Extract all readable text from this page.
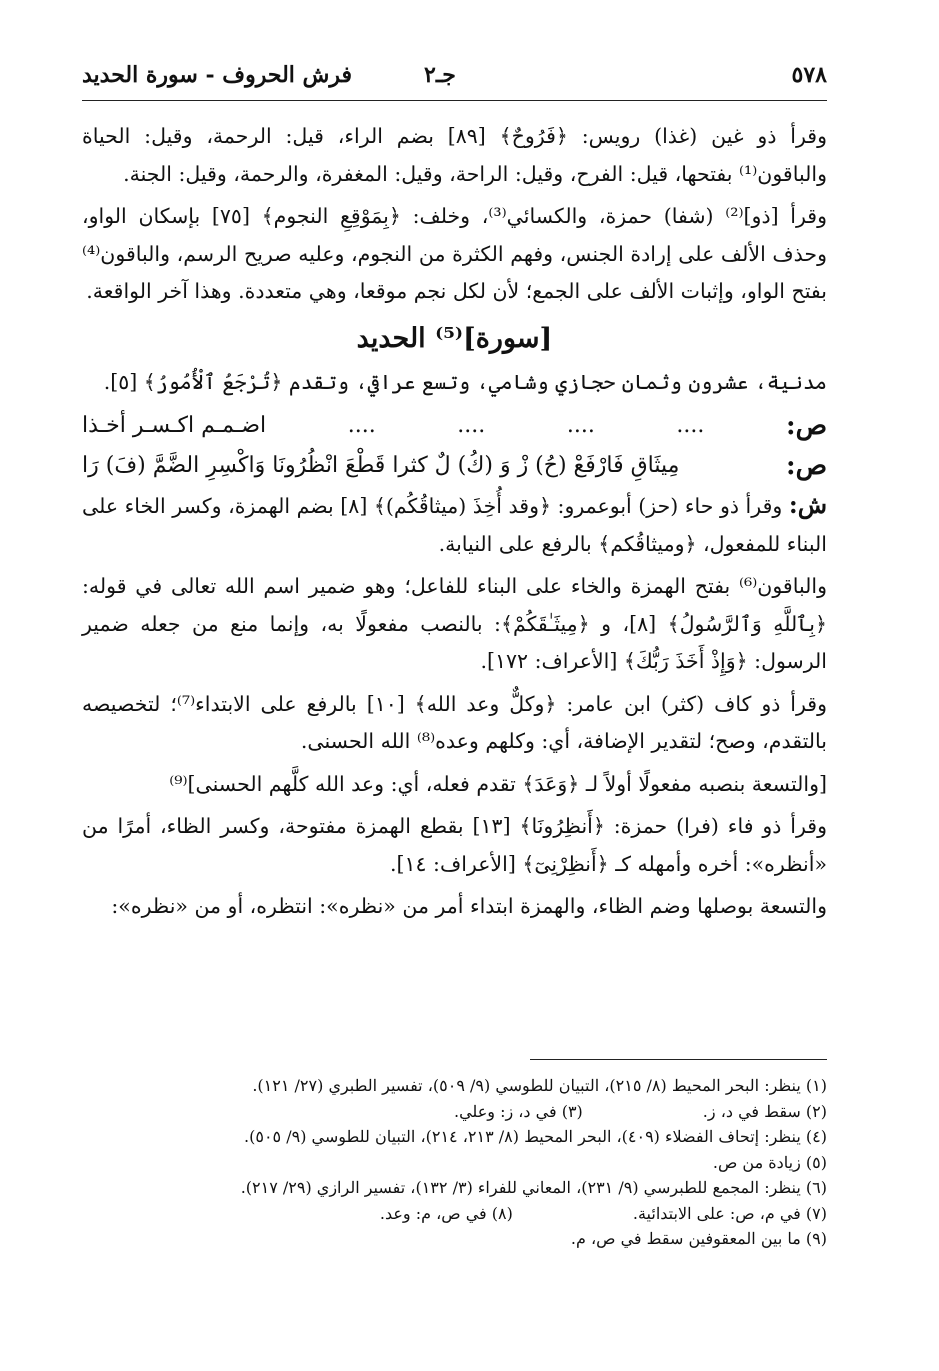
٥٧٨
جـ٢
فرش الحروف - سورة الحديد

وقرأ ذو غين (غذا) رويس: ﴿فَرُوحٌ﴾ [٨٩] بضم الراء، قيل: الرحمة، وقيل: الحياة والباقون⁽¹⁾ بفتحها، قيل: الفرح، وقيل: الراحة، وقيل: المغفرة، والرحمة، وقيل: الجنة.

وقرأ [ذو]⁽²⁾ (شفا) حمزة، والكسائي⁽³⁾، وخلف: ﴿بِمَوْقِعِ النجوم﴾ [٧٥] بإسكان الواو، وحذف الألف على إرادة الجنس، وفهم الكثرة من النجوم، وعليه صريح الرسم، والباقون⁽⁴⁾ بفتح الواو، وإثبات الألف على الجمع؛ لأن لكل نجم موقعا، وهي متعددة. وهذا آخر الواقعة.

[سورة]⁽⁵⁾ الحديد

مدنية، عشرون وثمان حجازي وشامي، وتسع عراقي، وتقدم ﴿تُرْجَعُ ٱلْأُمُورُ﴾ [٥].

ص:
....
....
....
....
اضـمـم اكـسـر أخـذا
ص:
مِيثَاقِ فَارْفَعْ (حُ) زْ وَ (كُ) لٌ كثرا قَطْعَ انْظُرُونَا وَاكْسِرِ الضَّمَّ (فَ) رَا

ش: وقرأ ذو حاء (حز) أبوعمرو: ﴿وقد أُخِذَ (ميثاقُكُم)﴾ [٨] بضم الهمزة، وكسر الخاء على البناء للمفعول، ﴿وميثاقُكم﴾ بالرفع على النيابة.

والباقون⁽⁶⁾ بفتح الهمزة والخاء على البناء للفاعل؛ وهو ضمير اسم الله تعالى في قوله: ﴿بِٱللَّهِ وَٱلرَّسُولُ﴾ [٨]، و ﴿مِيثَـٰقَكُمْ﴾: بالنصب مفعولًا به، وإنما منع من جعله ضمير الرسول: ﴿وَإِذْ أَخَذَ رَبُّكَ﴾ [الأعراف: ١٧٢].

وقرأ ذو كاف (كثر) ابن عامر: ﴿وكلٌّ وعد الله﴾ [١٠] بالرفع على الابتداء⁽⁷⁾؛ لتخصيصه بالتقدم، وصح؛ لتقدير الإضافة، أي: وكلهم وعده⁽⁸⁾ الله الحسنى.

[والتسعة بنصبه مفعولًا أولاً لـ ﴿وَعَدَ﴾ تقدم فعله، أي: وعد الله كلَّهم الحسنى]⁽⁹⁾

وقرأ ذو فاء (فرا) حمزة: ﴿أَنظِرُونَا﴾ [١٣] بقطع الهمزة مفتوحة، وكسر الظاء، أمرًا من «أنظره»: أخره وأمهله كـ ﴿أَنظِرْنِىٓ﴾ [الأعراف: ١٤].

والتسعة بوصلها وضم الظاء، والهمزة ابتداء أمر من «نظره»: انتظره، أو من «نظره»:

(١) ينظر: البحر المحيط (٨/ ٢١٥)، التبيان للطوسي (٩/ ٥٠٩)، تفسير الطبري (٢٧/ ١٢١).
(٢) سقط في د، ز.(٣) في د، ز: وعلي.
(٤) ينظر: إتحاف الفضلاء (٤٠٩)، البحر المحيط (٨/ ٢١٣، ٢١٤)، التبيان للطوسي (٩/ ٥٠٥).
(٥) زيادة من ص.
(٦) ينظر: المجمع للطبرسي (٩/ ٢٣١)، المعاني للفراء (٣/ ١٣٢)، تفسير الرازي (٢٩/ ٢١٧).
(٧) في م، ص: على الابتدائية.(٨) في ص، م: وعد.
(٩) ما بين المعقوفين سقط في ص، م.
